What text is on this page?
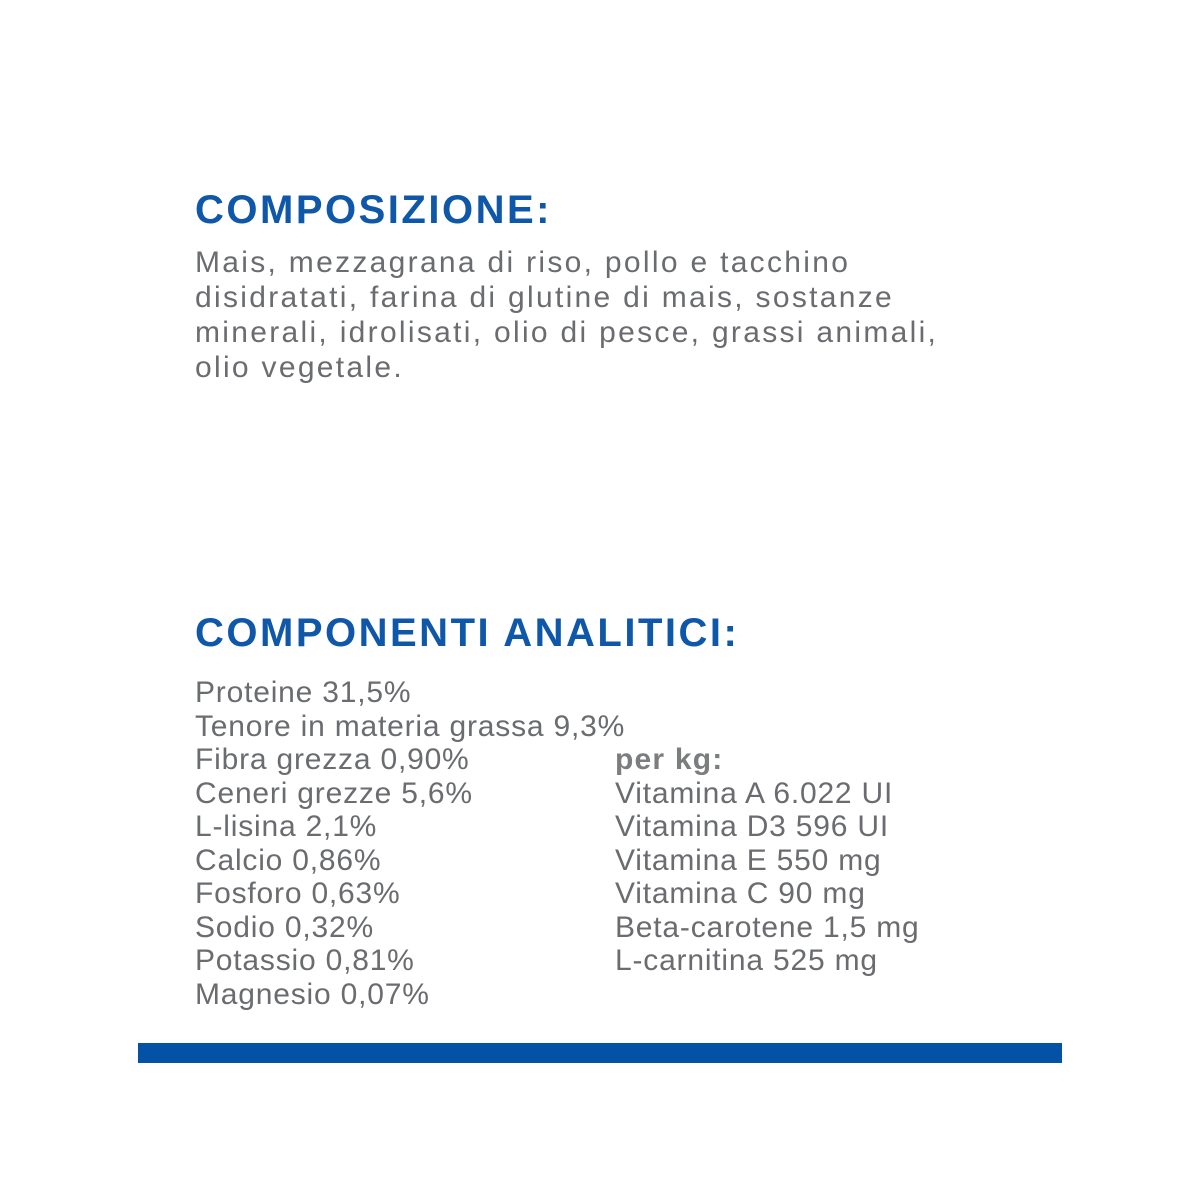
COMPOSIZIONE:
Mais, mezzagrana di riso, pollo e tacchino
disidratati, farina di glutine di mais, sostanze
minerali, idrolisati, olio di pesce, grassi animali,
olio vegetale.
COMPONENTI ANALITICI:
Proteine 31,5%
Tenore in materia grassa 9,3%
Fibra grezza 0,90%
Ceneri grezze 5,6%
L-lisina 2,1%
Calcio 0,86%
Fosforo 0,63%
Sodio 0,32%
Potassio 0,81%
Magnesio 0,07%
per kg:
Vitamina A 6.022 UI
Vitamina D3 596 UI
Vitamina E 550 mg
Vitamina C 90 mg
Beta-carotene 1,5 mg
L-carnitina 525 mg
